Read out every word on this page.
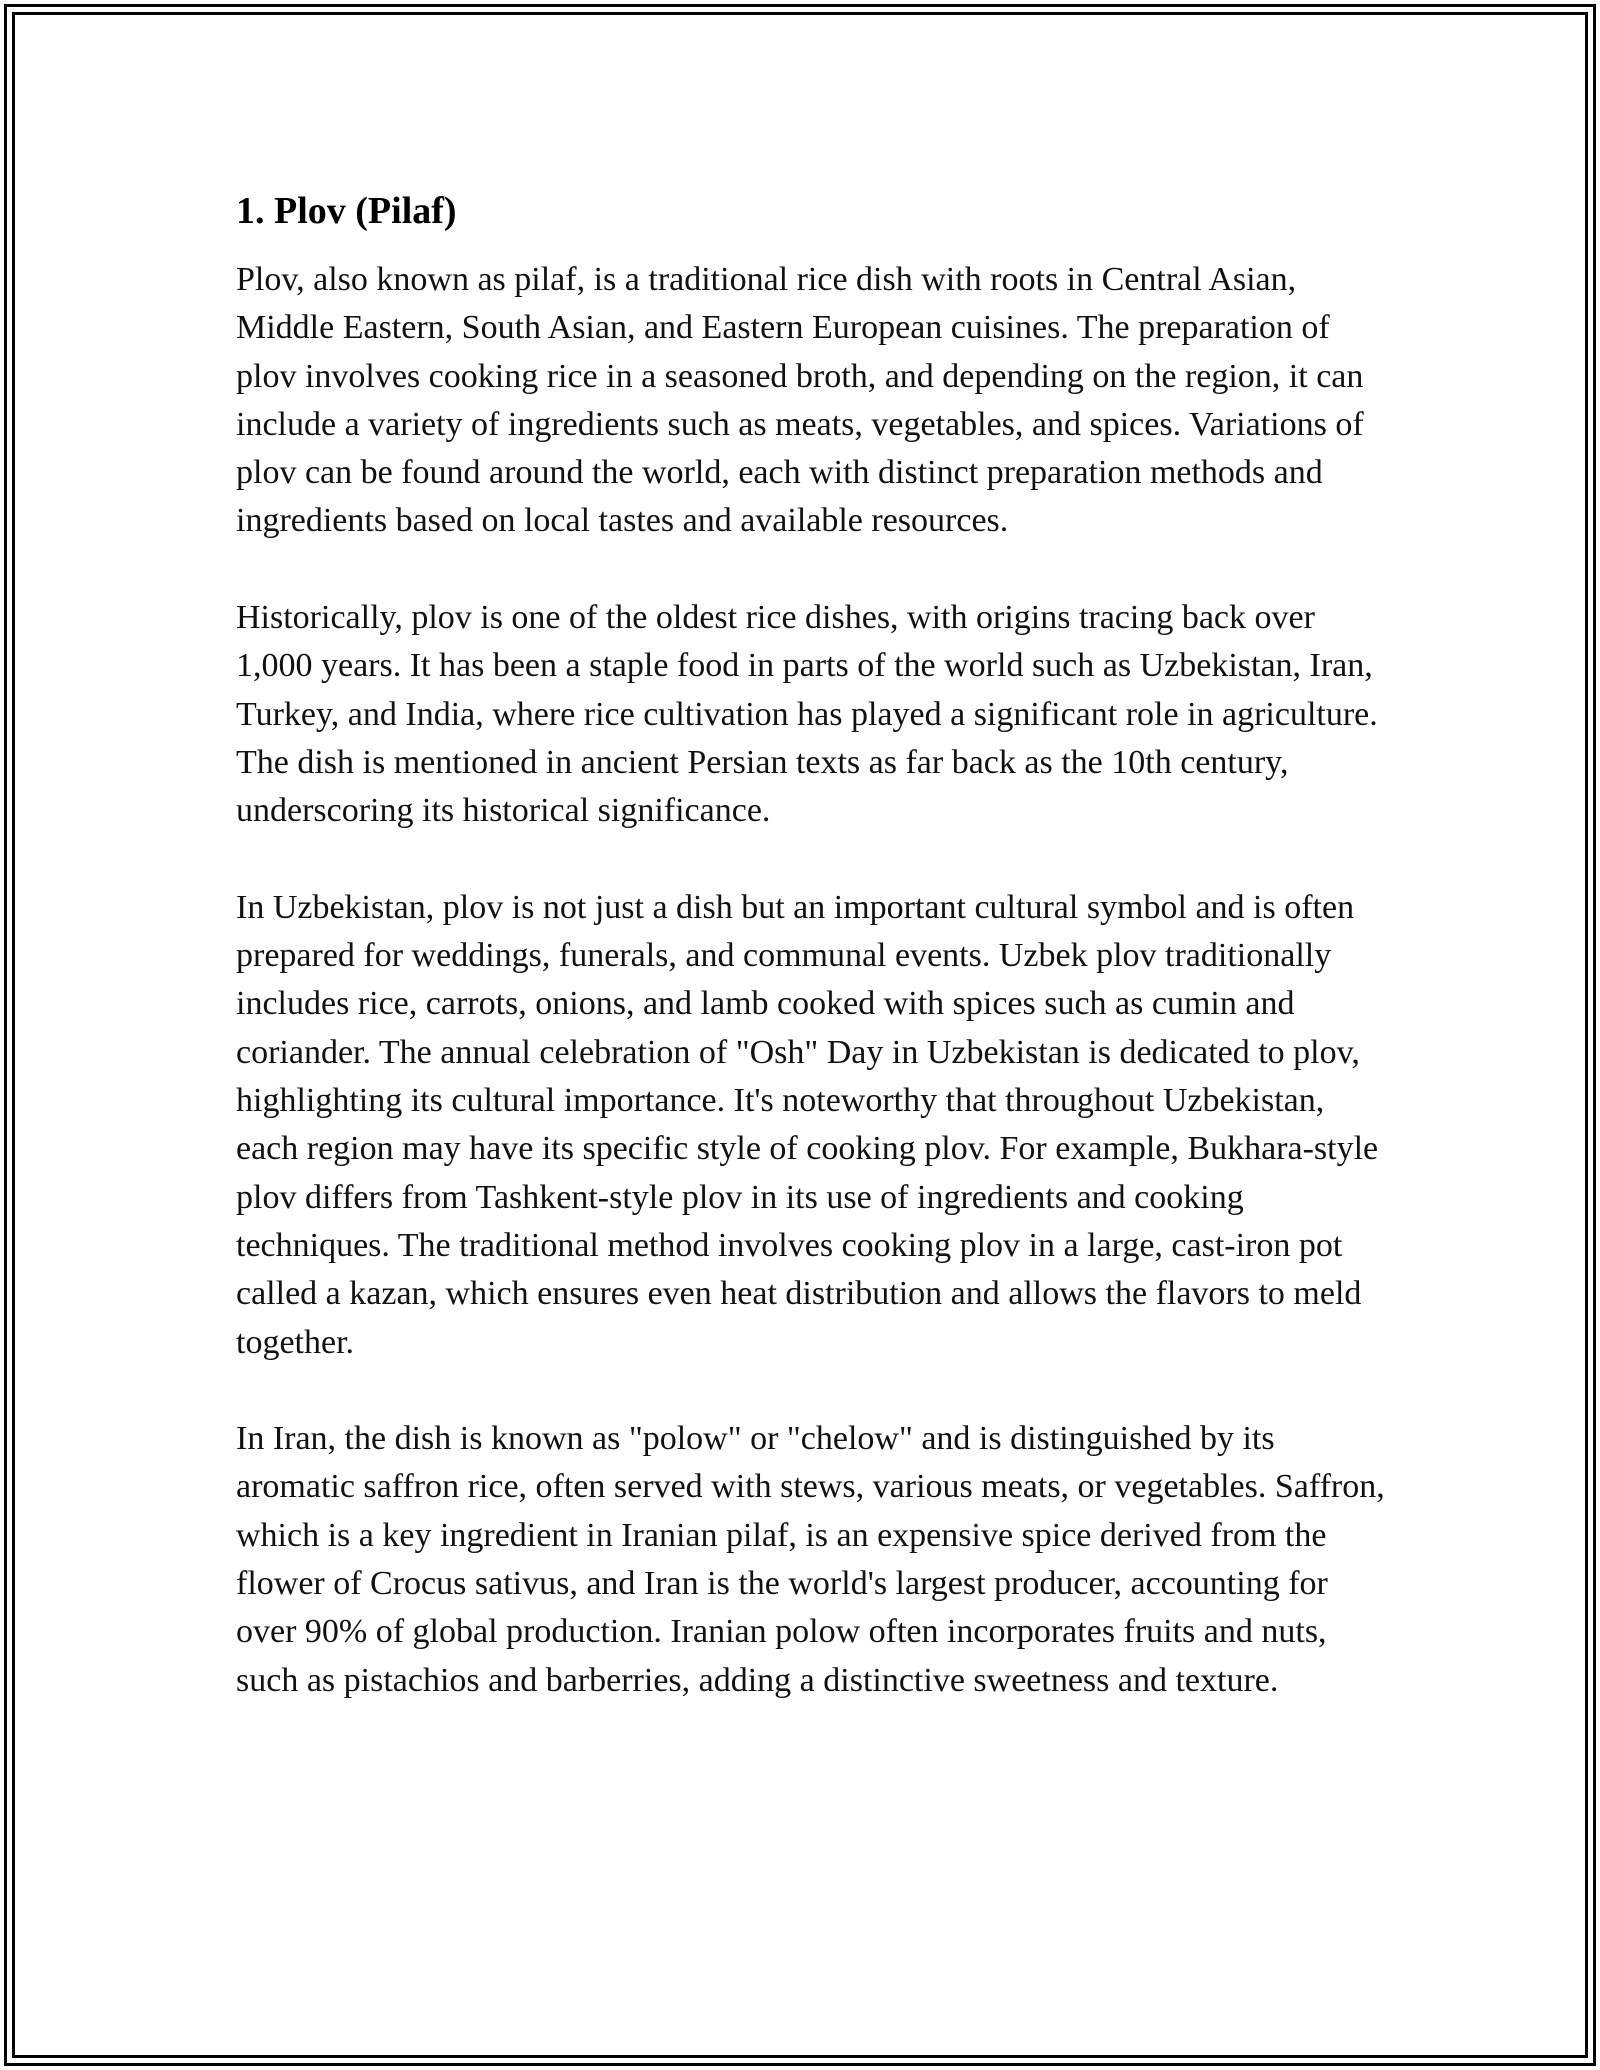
1. Plov (Pilaf)

Plov, also known as pilaf, is a traditional rice dish with roots in Central Asian, Middle Eastern, South Asian, and Eastern European cuisines. The preparation of plov involves cooking rice in a seasoned broth, and depending on the region, it can include a variety of ingredients such as meats, vegetables, and spices. Variations of plov can be found around the world, each with distinct preparation methods and ingredients based on local tastes and available resources.

Historically, plov is one of the oldest rice dishes, with origins tracing back over 1,000 years. It has been a staple food in parts of the world such as Uzbekistan, Iran, Turkey, and India, where rice cultivation has played a significant role in agriculture. The dish is mentioned in ancient Persian texts as far back as the 10th century, underscoring its historical significance.

In Uzbekistan, plov is not just a dish but an important cultural symbol and is often prepared for weddings, funerals, and communal events. Uzbek plov traditionally includes rice, carrots, onions, and lamb cooked with spices such as cumin and coriander. The annual celebration of "Osh" Day in Uzbekistan is dedicated to plov, highlighting its cultural importance. It's noteworthy that throughout Uzbekistan, each region may have its specific style of cooking plov. For example, Bukhara-style plov differs from Tashkent-style plov in its use of ingredients and cooking techniques. The traditional method involves cooking plov in a large, cast-iron pot called a kazan, which ensures even heat distribution and allows the flavors to meld together.

In Iran, the dish is known as "polow" or "chelow" and is distinguished by its aromatic saffron rice, often served with stews, various meats, or vegetables. Saffron, which is a key ingredient in Iranian pilaf, is an expensive spice derived from the flower of Crocus sativus, and Iran is the world's largest producer, accounting for over 90% of global production. Iranian polow often incorporates fruits and nuts, such as pistachios and barberries, adding a distinctive sweetness and texture.
